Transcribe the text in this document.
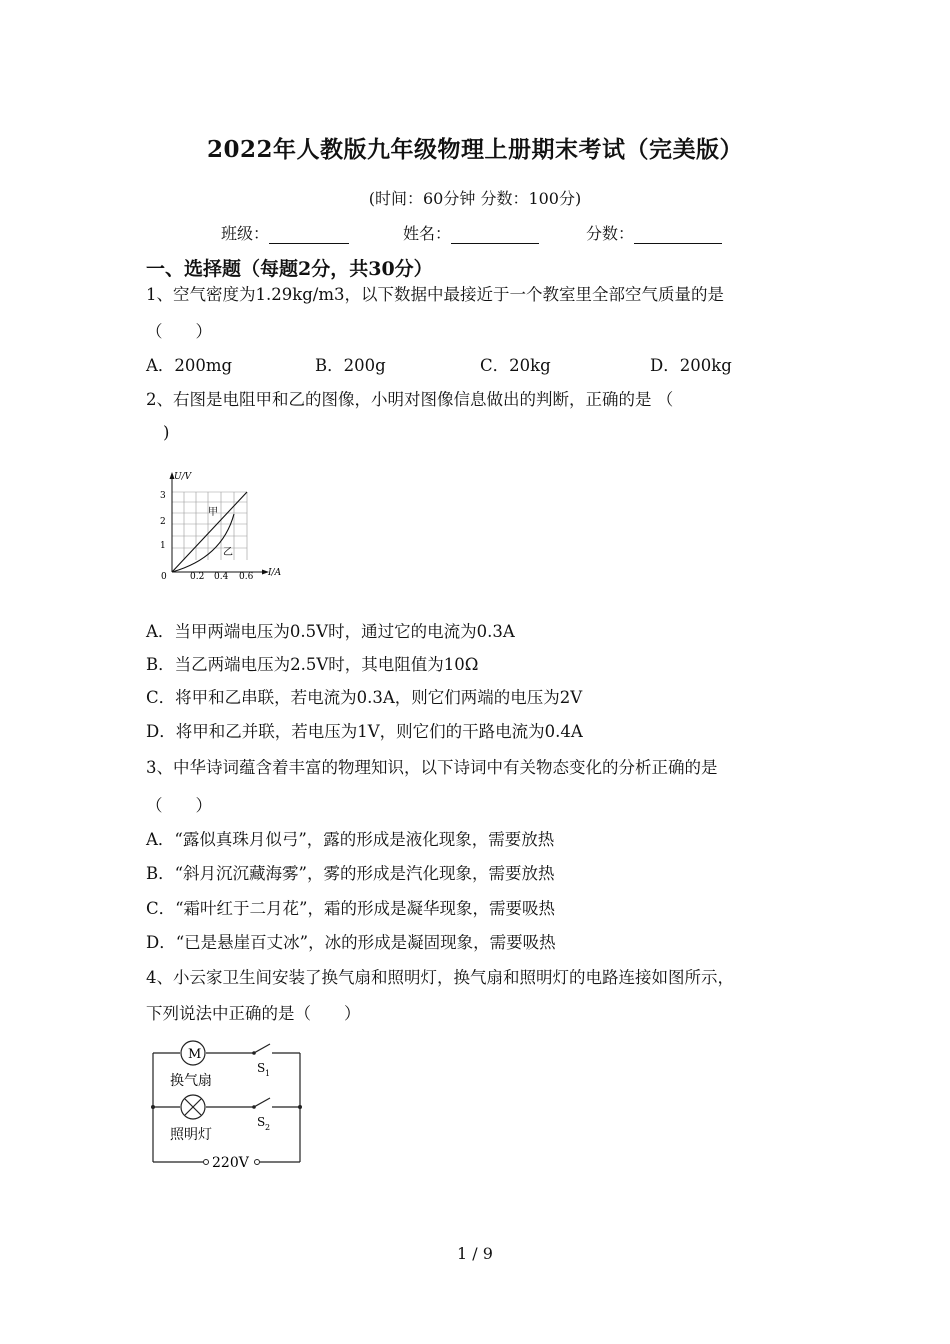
2022年人教版九年级物理上册期末考试（完美版）
(时间：60分钟 分数：100分)
班级：	姓名：	分数：
一、选择题（每题2分，共30分）
1、空气密度为1.29kg/m3，以下数据中最接近于一个教室里全部空气质量的是
（　　）
A．200mg	B．200g	C．20kg	D．200kg
2、右图是电阻甲和乙的图像，小明对图像信息做出的判断，正确的是 （
)
U/V
I/A
3
2
1
0	0.2 0.4 0.6
甲
乙
A．当甲两端电压为0.5V时，通过它的电流为0.3A
B．当乙两端电压为2.5V时，其电阻值为10Ω
C．将甲和乙串联，若电流为0.3A，则它们两端的电压为2V
D．将甲和乙并联，若电压为1V，则它们的干路电流为0.4A
3、中华诗词蕴含着丰富的物理知识，以下诗词中有关物态变化的分析正确的是
（　　）
A．“露似真珠月似弓”，露的形成是液化现象，需要放热
B．“斜月沉沉藏海雾”，雾的形成是汽化现象，需要放热
C．“霜叶红于二月花”，霜的形成是凝华现象，需要吸热
D．“已是悬崖百丈冰”，冰的形成是凝固现象，需要吸热
4、小云家卫生间安装了换气扇和照明灯，换气扇和照明灯的电路连接如图所示，
下列说法中正确的是（　　）
M
换气扇
照明灯
S 1
S 2
220V
1 / 9
